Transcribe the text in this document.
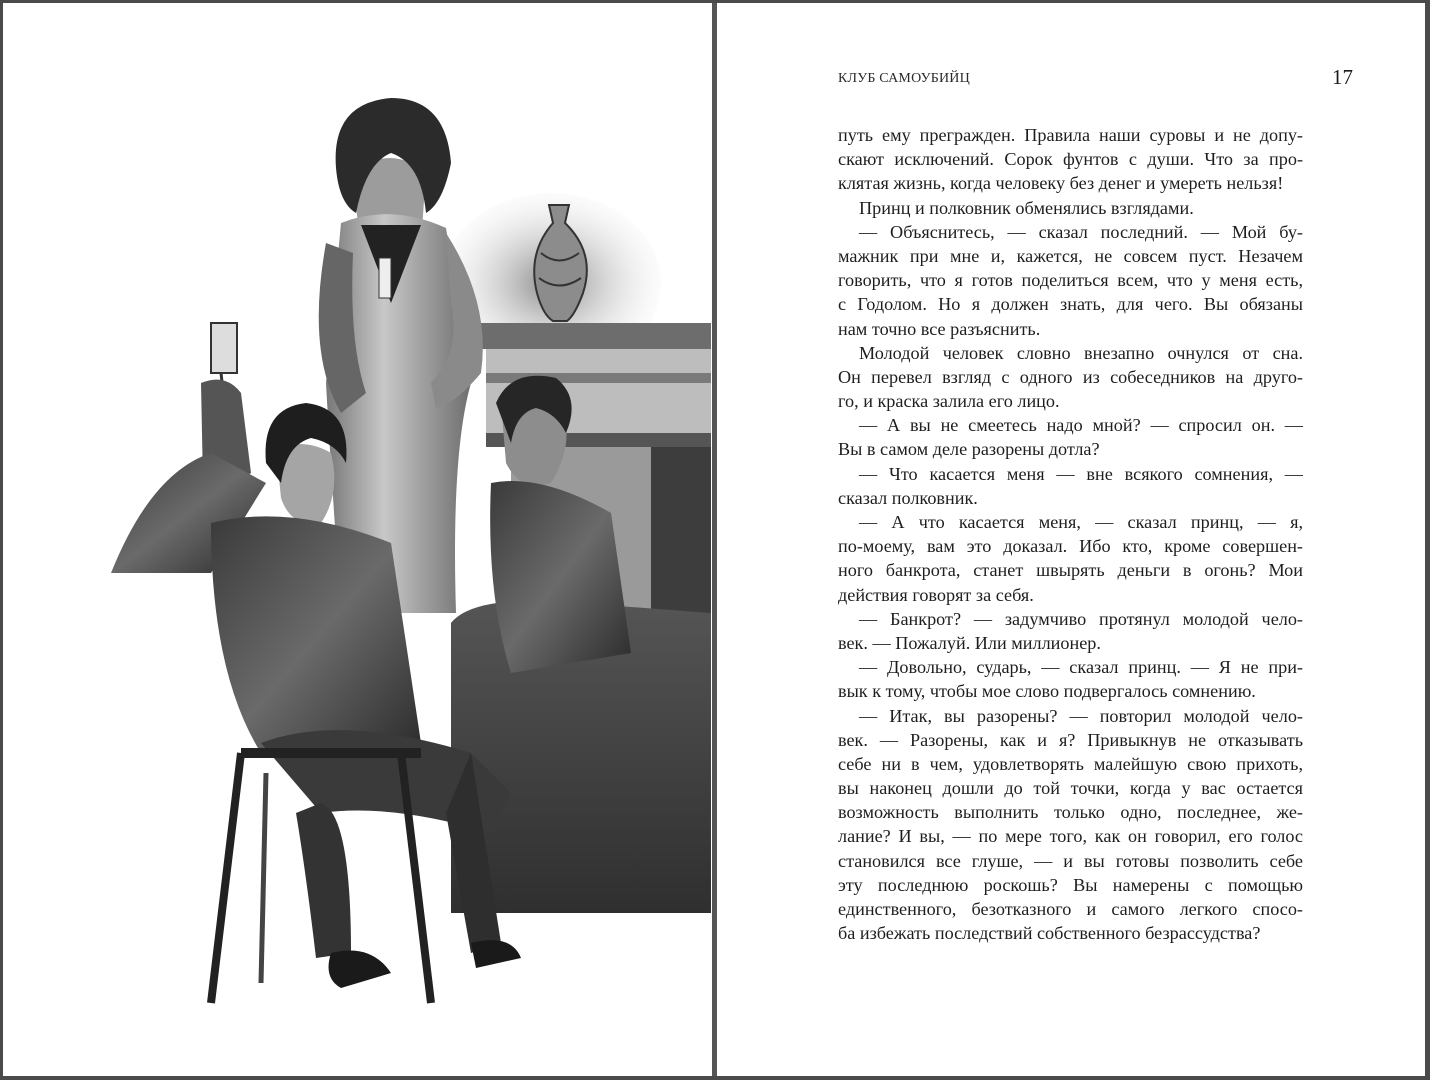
КЛУБ САМОУБИЙЦ	17
путь ему прегражден. Правила наши суровы и не допу-
скают исключений. Сорок фунтов с души. Что за про-
клятая жизнь, когда человеку без денег и умереть нельзя!
Принц и полковник обменялись взглядами.
— Объяснитесь, — сказал последний. — Мой бу-
мажник при мне и, кажется, не совсем пуст. Незачем
говорить, что я готов поделиться всем, что у меня есть,
с Годолом. Но я должен знать, для чего. Вы обязаны
нам точно все разъяснить.
Молодой человек словно внезапно очнулся от сна.
Он перевел взгляд с одного из собеседников на друго-
го, и краска залила его лицо.
— А вы не смеетесь надо мной? — спросил он. —
Вы в самом деле разорены дотла?
— Что касается меня — вне всякого сомнения, —
сказал полковник.
— А что касается меня, — сказал принц, — я,
по-моему, вам это доказал. Ибо кто, кроме совершен-
ного банкрота, станет швырять деньги в огонь? Мои
действия говорят за себя.
— Банкрот? — задумчиво протянул молодой чело-
век. — Пожалуй. Или миллионер.
— Довольно, сударь, — сказал принц. — Я не при-
вык к тому, чтобы мое слово подвергалось сомнению.
— Итак, вы разорены? — повторил молодой чело-
век. — Разорены, как и я? Привыкнув не отказывать
себе ни в чем, удовлетворять малейшую свою прихоть,
вы наконец дошли до той точки, когда у вас остается
возможность выполнить только одно, последнее, же-
лание? И вы, — по мере того, как он говорил, его голос
становился все глуше, — и вы готовы позволить себе
эту последнюю роскошь? Вы намерены с помощью
единственного, безотказного и самого легкого спосо-
ба избежать последствий собственного безрассудства?
